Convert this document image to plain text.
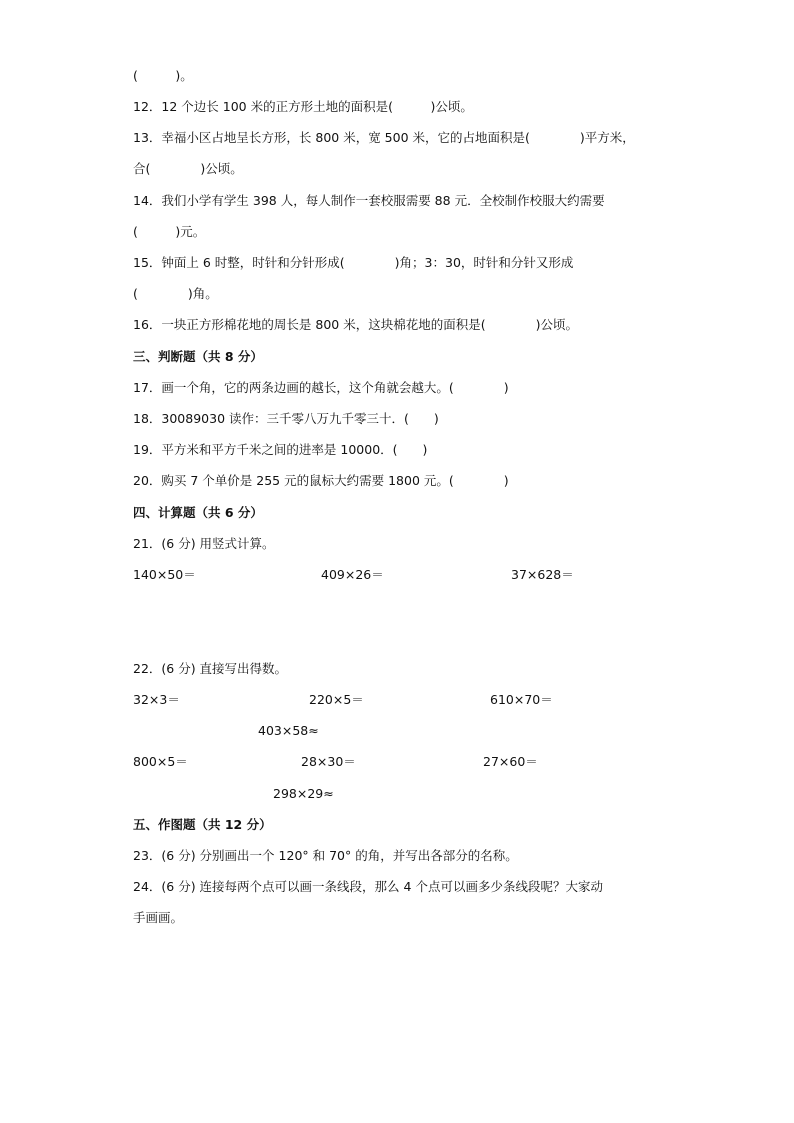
(　　　)。
12．12 个边长 100 米的正方形土地的面积是(　　　)公顷。
13．幸福小区占地呈长方形，长 800 米，宽 500 米，它的占地面积是(　　　　)平方米，
合(　　　　)公顷。
14．我们小学有学生 398 人，每人制作一套校服需要 88 元．全校制作校服大约需要
(　　　)元。
15．钟面上 6 时整，时针和分针形成(　　　　)角；3：30，时针和分针又形成
(　　　　)角。
16．一块正方形棉花地的周长是 800 米，这块棉花地的面积是(　　　　)公顷。
三、判断题（共 8 分）
17．画一个角，它的两条边画的越长，这个角就会越大。(　　　　)
18．30089030 读作：三千零八万九千零三十．(　　)
19．平方米和平方千米之间的进率是 10000．(　　)
20．购买 7 个单价是 255 元的鼠标大约需要 1800 元。(　　　　)
四、计算题（共 6 分）
21．(6 分) 用竖式计算。
140×50＝	409×26＝	37×628＝
22．(6 分) 直接写出得数。
32×3＝	220×5＝	610×70＝
403×58≈
800×5＝	28×30＝	27×60＝
298×29≈
五、作图题（共 12 分）
23．(6 分) 分别画出一个 120° 和 70° 的角，并写出各部分的名称。
24．(6 分) 连接每两个点可以画一条线段，那么 4 个点可以画多少条线段呢？大家动
手画画。
